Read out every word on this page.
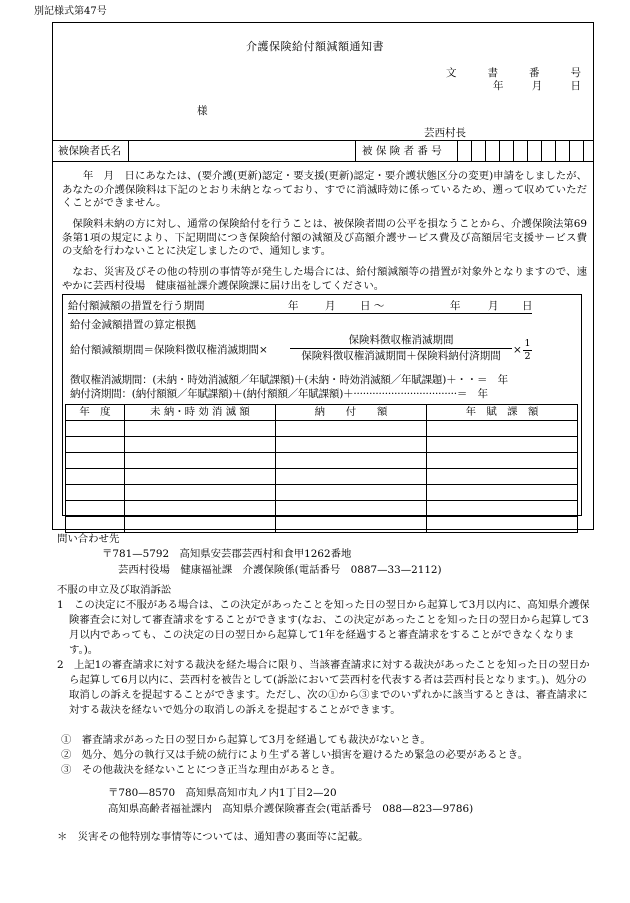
別記様式第47号
介護保険給付額減額通知書
文	書	番	号
年	月	日
様
芸西村長
被保険者氏名	被 保 険 者 番 号
　年　月　日にあなたは、(要介護(更新)認定・要支援(更新)認定・要介護状態区分の変更)申請をしましたが、あなたの介護保険料は下記のとおり未納となっており、すでに消滅時効に係っているため、遡って収めていただくことができません。
保険料未納の方に対し、通常の保険給付を行うことは、被保険者間の公平を損なうことから、介護保険法第69条第1項の規定により、下記期間につき保険給付額の減額及び高額介護サービス費及び高額居宅支援サービス費の支給を行わないことに決定しましたので、通知します。
なお、災害及びその他の特別の事情等が発生した場合には、給付額減額等の措置が対象外となりますので、速やかに芸西村役場　健康福祉課介護保険課に届け出をしてください。
給付額減額の措置を行う期間	年	月 日 〜	年	月 日
給付金減額措置の算定根拠
給付額減額期間＝保険料徴収権消滅期間×
保険料徴収権消滅期間
保険料徴収権消滅期間＋保険料納付済期間
× $\frac{1}{2}$
徴収権消滅期間：(未納・時効消滅額／年賦課額)＋(未納・時効消滅額／年賦課題)＋・・＝　年
納付済期間：(納付額額／年賦課額)＋(納付額額／年賦課額)＋·································＝　年
年　度	未 納・時 効 消 滅 額	納　　付　　額	年　賦　課　額

問い合わせ先
〒781—5792　高知県安芸郡芸西村和食甲1262番地
芸西村役場　健康福祉課　介護保険係(電話番号　0887—33—2112)
不服の申立及び取消訴訟
1　この決定に不服がある場合は、この決定があったことを知った日の翌日から起算して3月以内に、高知県介護保険審査会に対して審査請求をすることができます(なお、この決定があったことを知った日の翌日から起算して3月以内であっても、この決定の日の翌日から起算して1年を経過すると審査請求をすることができなくなります。)。
2　上記1の審査請求に対する裁決を経た場合に限り、当該審査請求に対する裁決があったことを知った日の翌日から起算して6月以内に、芸西村を被告として(訴訟において芸西村を代表する者は芸西村長となります。)、処分の取消しの訴えを提起することができます。ただし、次の①から③までのいずれかに該当するときは、審査請求に対する裁決を経ないで処分の取消しの訴えを提起することができます。
①　審査請求があった日の翌日から起算して3月を経過しても裁決がないとき。
②　処分、処分の執行又は手続の続行により生ずる著しい損害を避けるため緊急の必要があるとき。
③　その他裁決を経ないことにつき正当な理由があるとき。
〒780—8570　高知県高知市丸ノ内1丁目2—20
高知県高齢者福祉課内　高知県介護保険審査会(電話番号　088—823—9786)
＊　災害その他特別な事情等については、通知書の裏面等に記載。
